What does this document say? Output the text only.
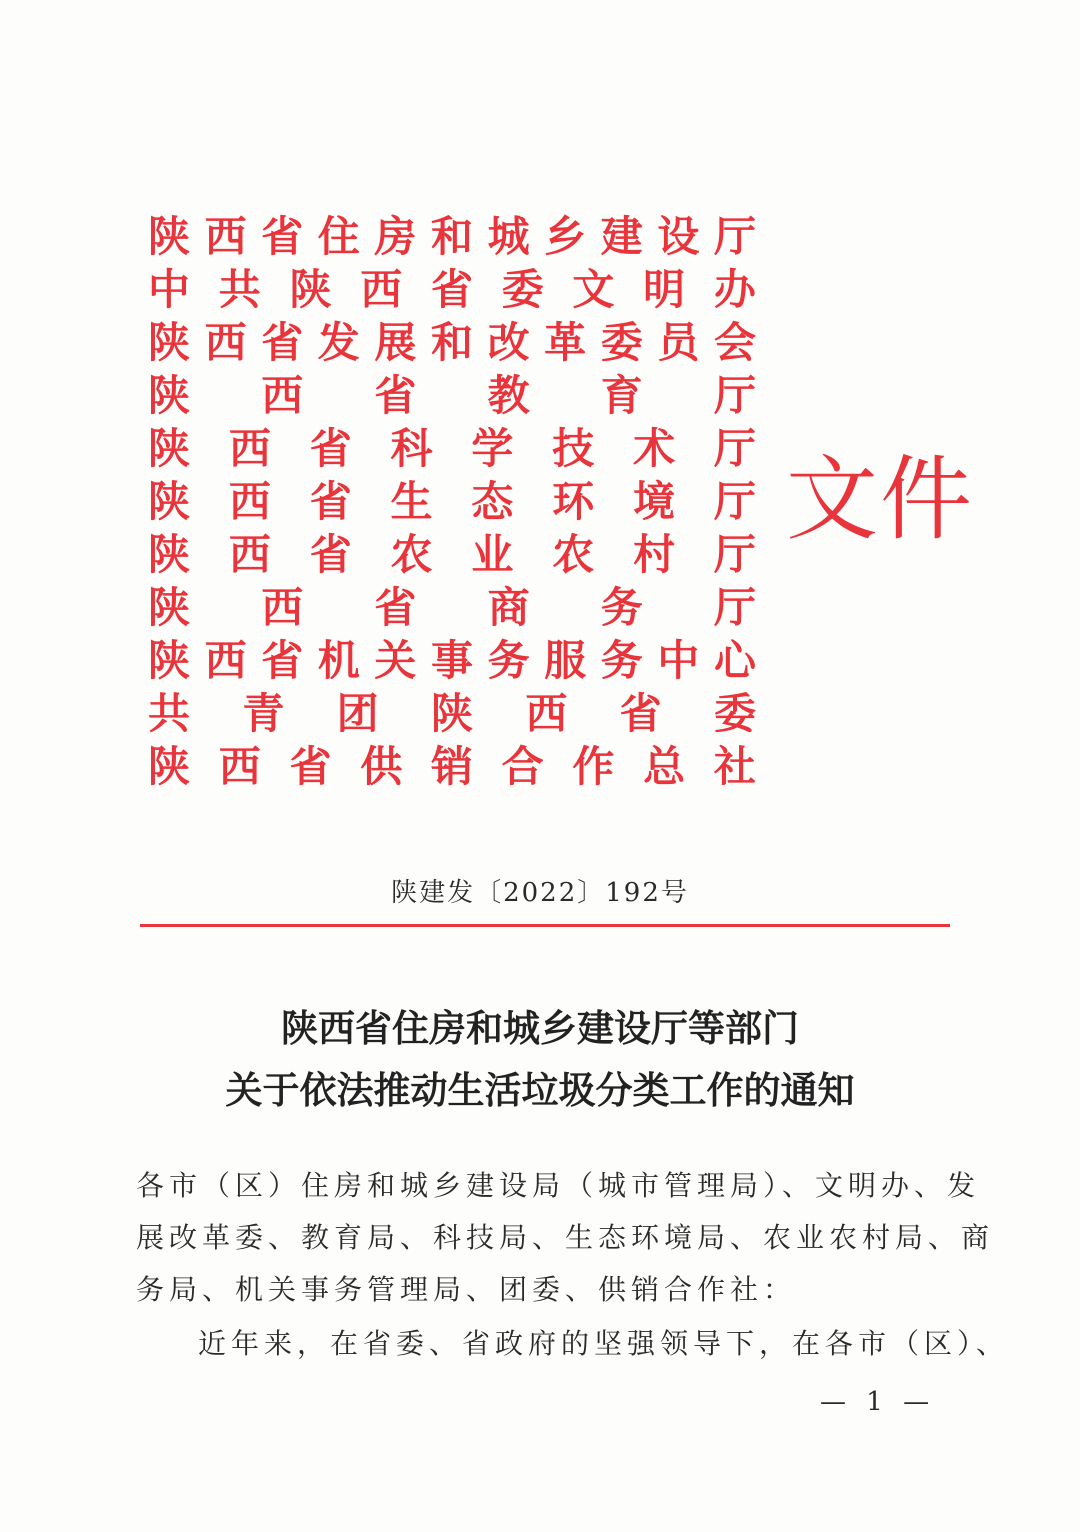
陕 西 省 住 房 和 城 乡 建 设 厅
中 共 陕 西 省 委 文 明 办
陕 西 省 发 展 和 改 革 委 员 会
陕 西 省 教 育 厅
陕 西 省 科 学 技 术 厅
陕 西 省 生 态 环 境 厅
陕 西 省 农 业 农 村 厅
陕 西 省 商 务 厅
陕 西 省 机 关 事 务 服 务 中 心
共 青 团 陕 西 省 委
陕 西 省 供 销 合 作 总 社
文件
陕建发〔2022〕192号
陕西省住房和城乡建设厅等部门
关于依法推动生活垃圾分类工作的通知
各市（区）住房和城乡建设局（城市管理局）、文明办、发
展改革委、教育局、科技局、生态环境局、农业农村局、商
务局、机关事务管理局、团委、供销合作社：
近年来，在省委、省政府的坚强领导下，在各市（区）、
— 1 —
